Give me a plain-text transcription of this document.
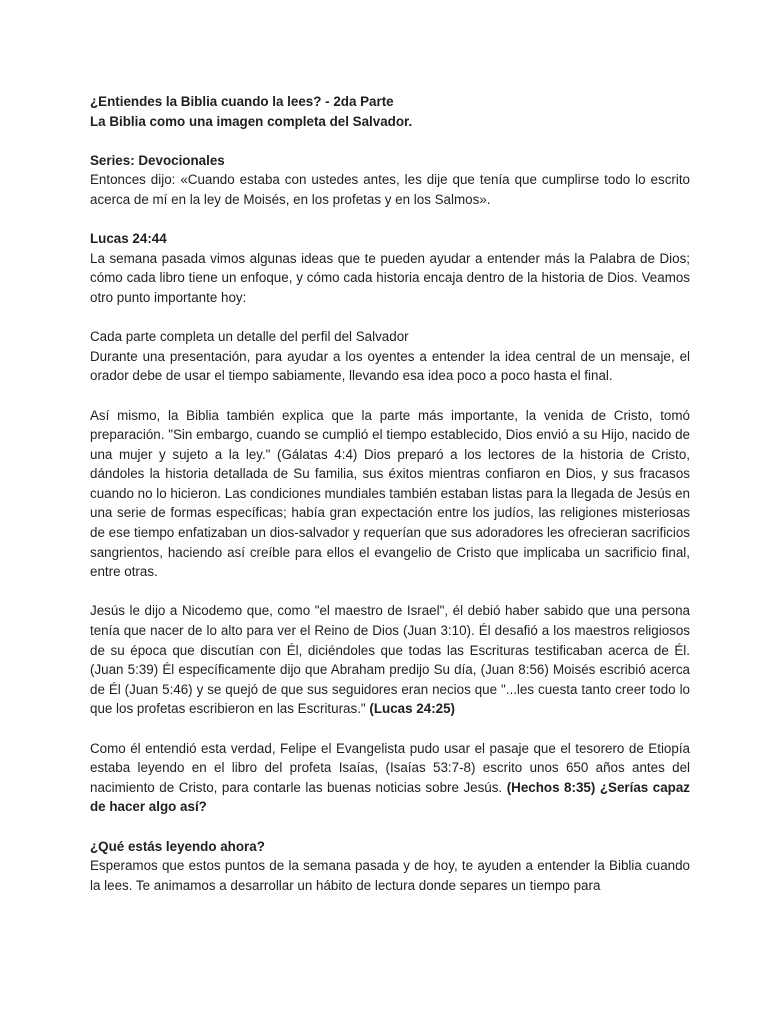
¿Entiendes la Biblia cuando la lees? - 2da Parte

La Biblia como una imagen completa del Salvador.

Series: Devocionales

Entonces dijo: «Cuando estaba con ustedes antes, les dije que tenía que cumplirse todo lo escrito acerca de mí en la ley de Moisés, en los profetas y en los Salmos».

Lucas 24:44

La semana pasada vimos algunas ideas que te pueden ayudar a entender más la Palabra de Dios; cómo cada libro tiene un enfoque, y cómo cada historia encaja dentro de la historia de Dios. Veamos otro punto importante hoy:

Cada parte completa un detalle del perfil del Salvador

Durante una presentación, para ayudar a los oyentes a entender la idea central de un mensaje, el orador debe de usar el tiempo sabiamente, llevando esa idea poco a poco hasta el final.

Así mismo, la Biblia también explica que la parte más importante, la venida de Cristo, tomó preparación. "Sin embargo, cuando se cumplió el tiempo establecido, Dios envió a su Hijo, nacido de una mujer y sujeto a la ley." (Gálatas 4:4) Dios preparó a los lectores de la historia de Cristo, dándoles la historia detallada de Su familia, sus éxitos mientras confiaron en Dios, y sus fracasos cuando no lo hicieron. Las condiciones mundiales también estaban listas para la llegada de Jesús en una serie de formas específicas; había gran expectación entre los judíos, las religiones misteriosas de ese tiempo enfatizaban un dios-salvador y requerían que sus adoradores les ofrecieran sacrificios sangrientos, haciendo así creíble para ellos el evangelio de Cristo que implicaba un sacrificio final, entre otras.

Jesús le dijo a Nicodemo que, como "el maestro de Israel", él debió haber sabido que una persona tenía que nacer de lo alto para ver el Reino de Dios (Juan 3:10). Él desafió a los maestros religiosos de su época que discutían con Él, diciéndoles que todas las Escrituras testificaban acerca de Él. (Juan 5:39) Él específicamente dijo que Abraham predijo Su día, (Juan 8:56) Moisés escribió acerca de Él (Juan 5:46) y se quejó de que sus seguidores eran necios que "...les cuesta tanto creer todo lo que los profetas escribieron en las Escrituras." (Lucas 24:25)

Como él entendió esta verdad, Felipe el Evangelista pudo usar el pasaje que el tesorero de Etiopía estaba leyendo en el libro del profeta Isaías, (Isaías 53:7-8) escrito unos 650 años antes del nacimiento de Cristo, para contarle las buenas noticias sobre Jesús. (Hechos 8:35) ¿Serías capaz de hacer algo así?

¿Qué estás leyendo ahora?

Esperamos que estos puntos de la semana pasada y de hoy, te ayuden a entender la Biblia cuando la lees. Te animamos a desarrollar un hábito de lectura donde separes un tiempo para
